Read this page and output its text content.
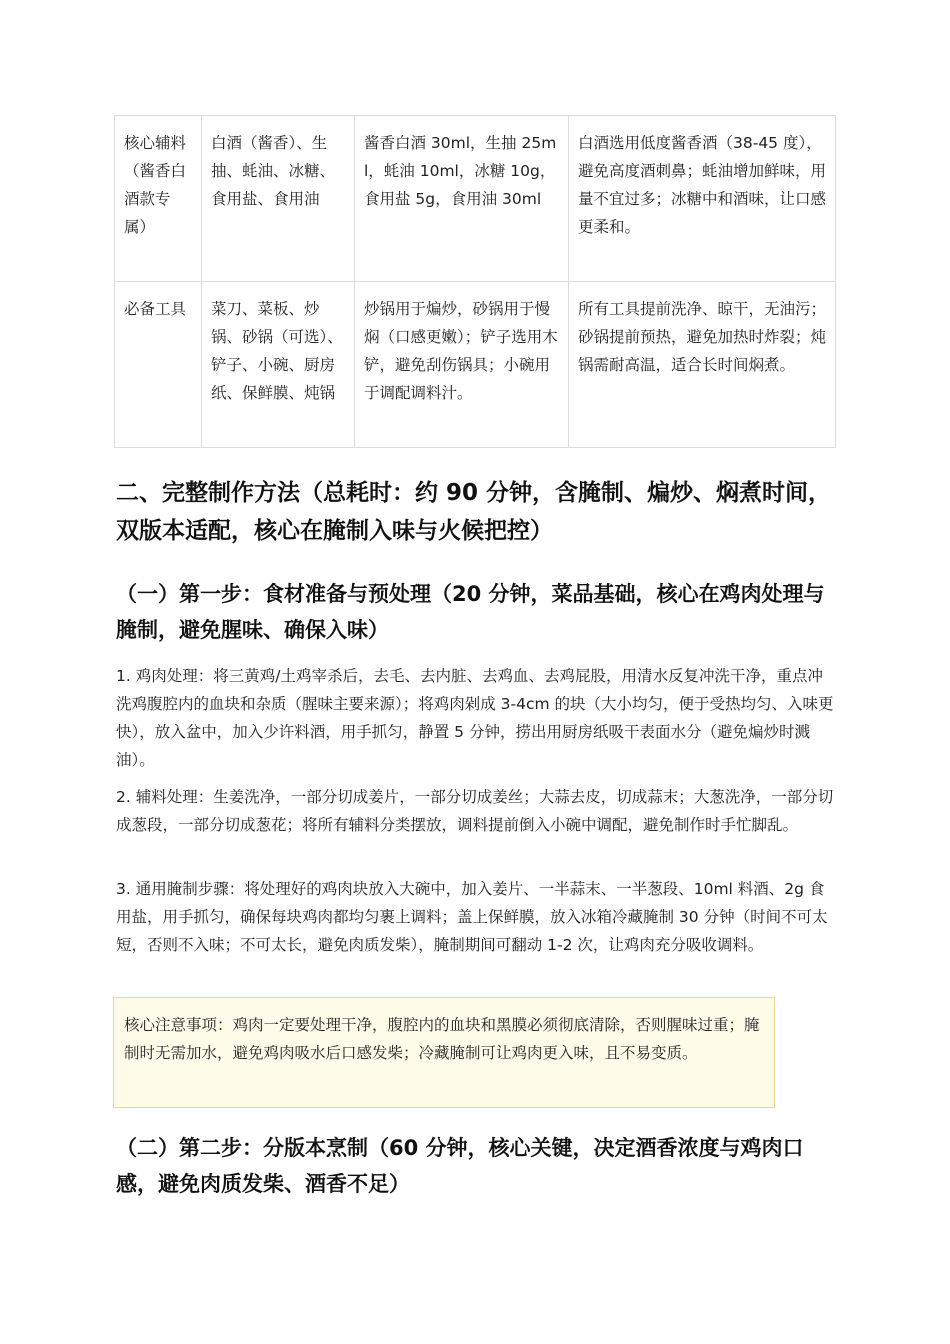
核心辅料（酱香白酒款专属）	白酒（酱香）、生抽、蚝油、冰糖、食用盐、食用油	酱香白酒 30ml，生抽 25ml，蚝油 10ml，冰糖 10g，食用盐 5g，食用油 30ml	白酒选用低度酱香酒（38-45 度），避免高度酒刺鼻；蚝油增加鲜味，用量不宜过多；冰糖中和酒味，让口感更柔和。
必备工具	菜刀、菜板、炒锅、砂锅（可选）、铲子、小碗、厨房纸、保鲜膜、炖锅	炒锅用于煸炒，砂锅用于慢焖（口感更嫩）；铲子选用木铲，避免刮伤锅具；小碗用于调配调料汁。	所有工具提前洗净、晾干，无油污；砂锅提前预热，避免加热时炸裂；炖锅需耐高温，适合长时间焖煮。
二、完整制作方法（总耗时：约 90 分钟，含腌制、煸炒、焖煮时间，双版本适配，核心在腌制入味与火候把控）
（一）第一步：食材准备与预处理（20 分钟，菜品基础，核心在鸡肉处理与腌制，避免腥味、确保入味）

1. 鸡肉处理：将三黄鸡/土鸡宰杀后，去毛、去内脏、去鸡血、去鸡屁股，用清水反复冲洗干净，重点冲洗鸡腹腔内的血块和杂质（腥味主要来源）；将鸡肉剁成 3-4cm 的块（大小均匀，便于受热均匀、入味更快），放入盆中，加入少许料酒，用手抓匀，静置 5 分钟，捞出用厨房纸吸干表面水分（避免煸炒时溅油）。

2. 辅料处理：生姜洗净，一部分切成姜片，一部分切成姜丝；大蒜去皮，切成蒜末；大葱洗净，一部分切成葱段，一部分切成葱花；将所有辅料分类摆放，调料提前倒入小碗中调配，避免制作时手忙脚乱。

3. 通用腌制步骤：将处理好的鸡肉块放入大碗中，加入姜片、一半蒜末、一半葱段、10ml 料酒、2g 食用盐，用手抓匀，确保每块鸡肉都均匀裹上调料；盖上保鲜膜，放入冰箱冷藏腌制 30 分钟（时间不可太短，否则不入味；不可太长，避免肉质发柴），腌制期间可翻动 1-2 次，让鸡肉充分吸收调料。

核心注意事项：鸡肉一定要处理干净，腹腔内的血块和黑膜必须彻底清除，否则腥味过重；腌制时无需加水，避免鸡肉吸水后口感发柴；冷藏腌制可让鸡肉更入味，且不易变质。
（二）第二步：分版本烹制（60 分钟，核心关键，决定酒香浓度与鸡肉口感，避免肉质发柴、酒香不足）
